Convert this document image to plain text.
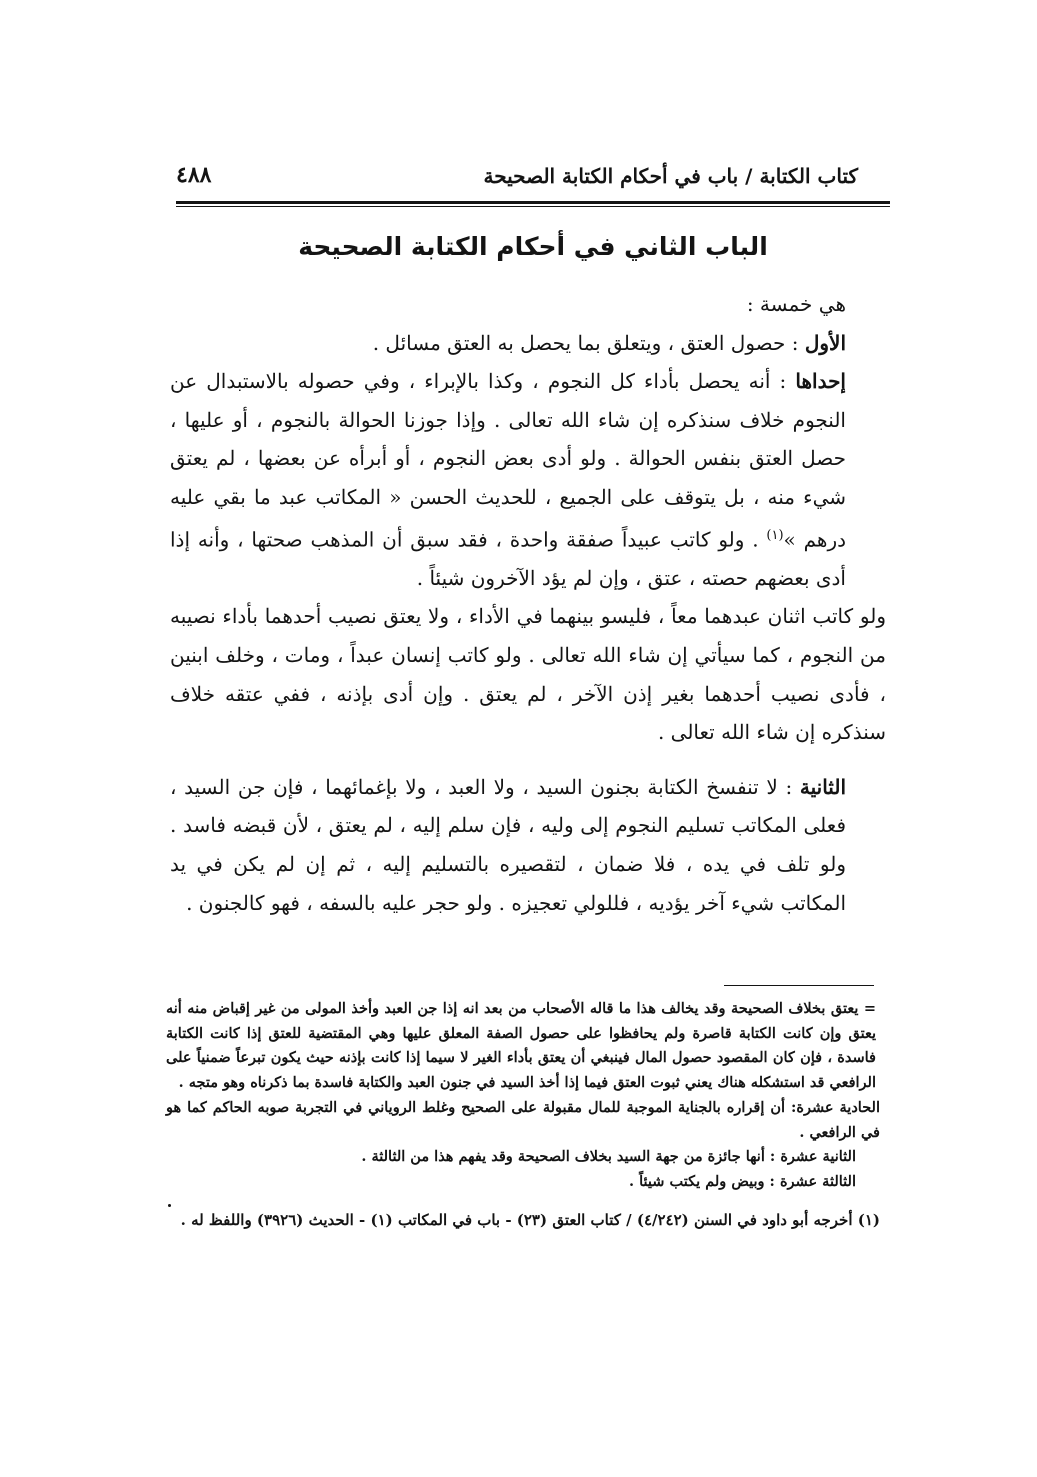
كتاب الكتابة / باب في أحكام الكتابة الصحيحة
٤٨٨
الباب الثاني في أحكام الكتابة الصحيحة

هي خمسة :

الأول : حصول العتق ، ويتعلق بما يحصل به العتق مسائل .

إحداها : أنه يحصل بأداء كل النجوم ، وكذا بالإبراء ، وفي حصوله بالاستبدال عن النجوم خلاف سنذكره إن شاء الله تعالى . وإذا جوزنا الحوالة بالنجوم ، أو عليها ، حصل العتق بنفس الحوالة . ولو أدى بعض النجوم ، أو أبرأه عن بعضها ، لم يعتق شيء منه ، بل يتوقف على الجميع ، للحديث الحسن « المكاتب عبد ما بقي عليه درهم »$^{(١)}$ . ولو كاتب عبيداً صفقة واحدة ، فقد سبق أن المذهب صحتها ، وأنه إذا أدى بعضهم حصته ، عتق ، وإن لم يؤد الآخرون شيئاً .

ولو كاتب اثنان عبدهما معاً ، فليسو بينهما في الأداء ، ولا يعتق نصيب أحدهما بأداء نصيبه من النجوم ، كما سيأتي إن شاء الله تعالى . ولو كاتب إنسان عبداً ، ومات ، وخلف ابنين ، فأدى نصيب أحدهما بغير إذن الآخر ، لم يعتق . وإن أدى بإذنه ، ففي عتقه خلاف سنذكره إن شاء الله تعالى .

الثانية : لا تنفسخ الكتابة بجنون السيد ، ولا العبد ، ولا بإغمائهما ، فإن جن السيد ، فعلى المكاتب تسليم النجوم إلى وليه ، فإن سلم إليه ، لم يعتق ، لأن قبضه فاسد . ولو تلف في يده ، فلا ضمان ، لتقصيره بالتسليم إليه ، ثم إن لم يكن في يد المكاتب شيء آخر يؤديه ، فللولي تعجيزه . ولو حجر عليه بالسفه ، فهو كالجنون .

= يعتق بخلاف الصحيحة وقد يخالف هذا ما قاله الأصحاب من بعد انه إذا جن العبد وأخذ المولى من غير إقباض منه أنه يعتق وإن كانت الكتابة قاصرة ولم يحافظوا على حصول الصفة المعلق عليها وهي المقتضية للعتق إذا كانت الكتابة فاسدة ، فإن كان المقصود حصول المال فينبغي أن يعتق بأداء الغير لا سيما إذا كانت بإذنه حيث يكون تبرعاً ضمنياً على الرافعي قد استشكله هناك يعني ثبوت العتق فيما إذا أخذ السيد في جنون العبد والكتابة فاسدة بما ذكرناه وهو متجه .

الحادية عشرة: أن إقراره بالجناية الموجبة للمال مقبولة على الصحيح وغلط الروياني في التجربة صوبه الحاكم كما هو في الرافعي .

الثانية عشرة : أنها جائزة من جهة السيد بخلاف الصحيحة وقد يفهم هذا من الثالثة .

الثالثة عشرة : وبيض ولم يكتب شيئاً .

(١) أخرجه أبو داود في السنن (٤/٢٤٢) / كتاب العتق (٢٣) - باب في المكاتب (١) - الحديث (٣٩٢٦) واللفظ له .
